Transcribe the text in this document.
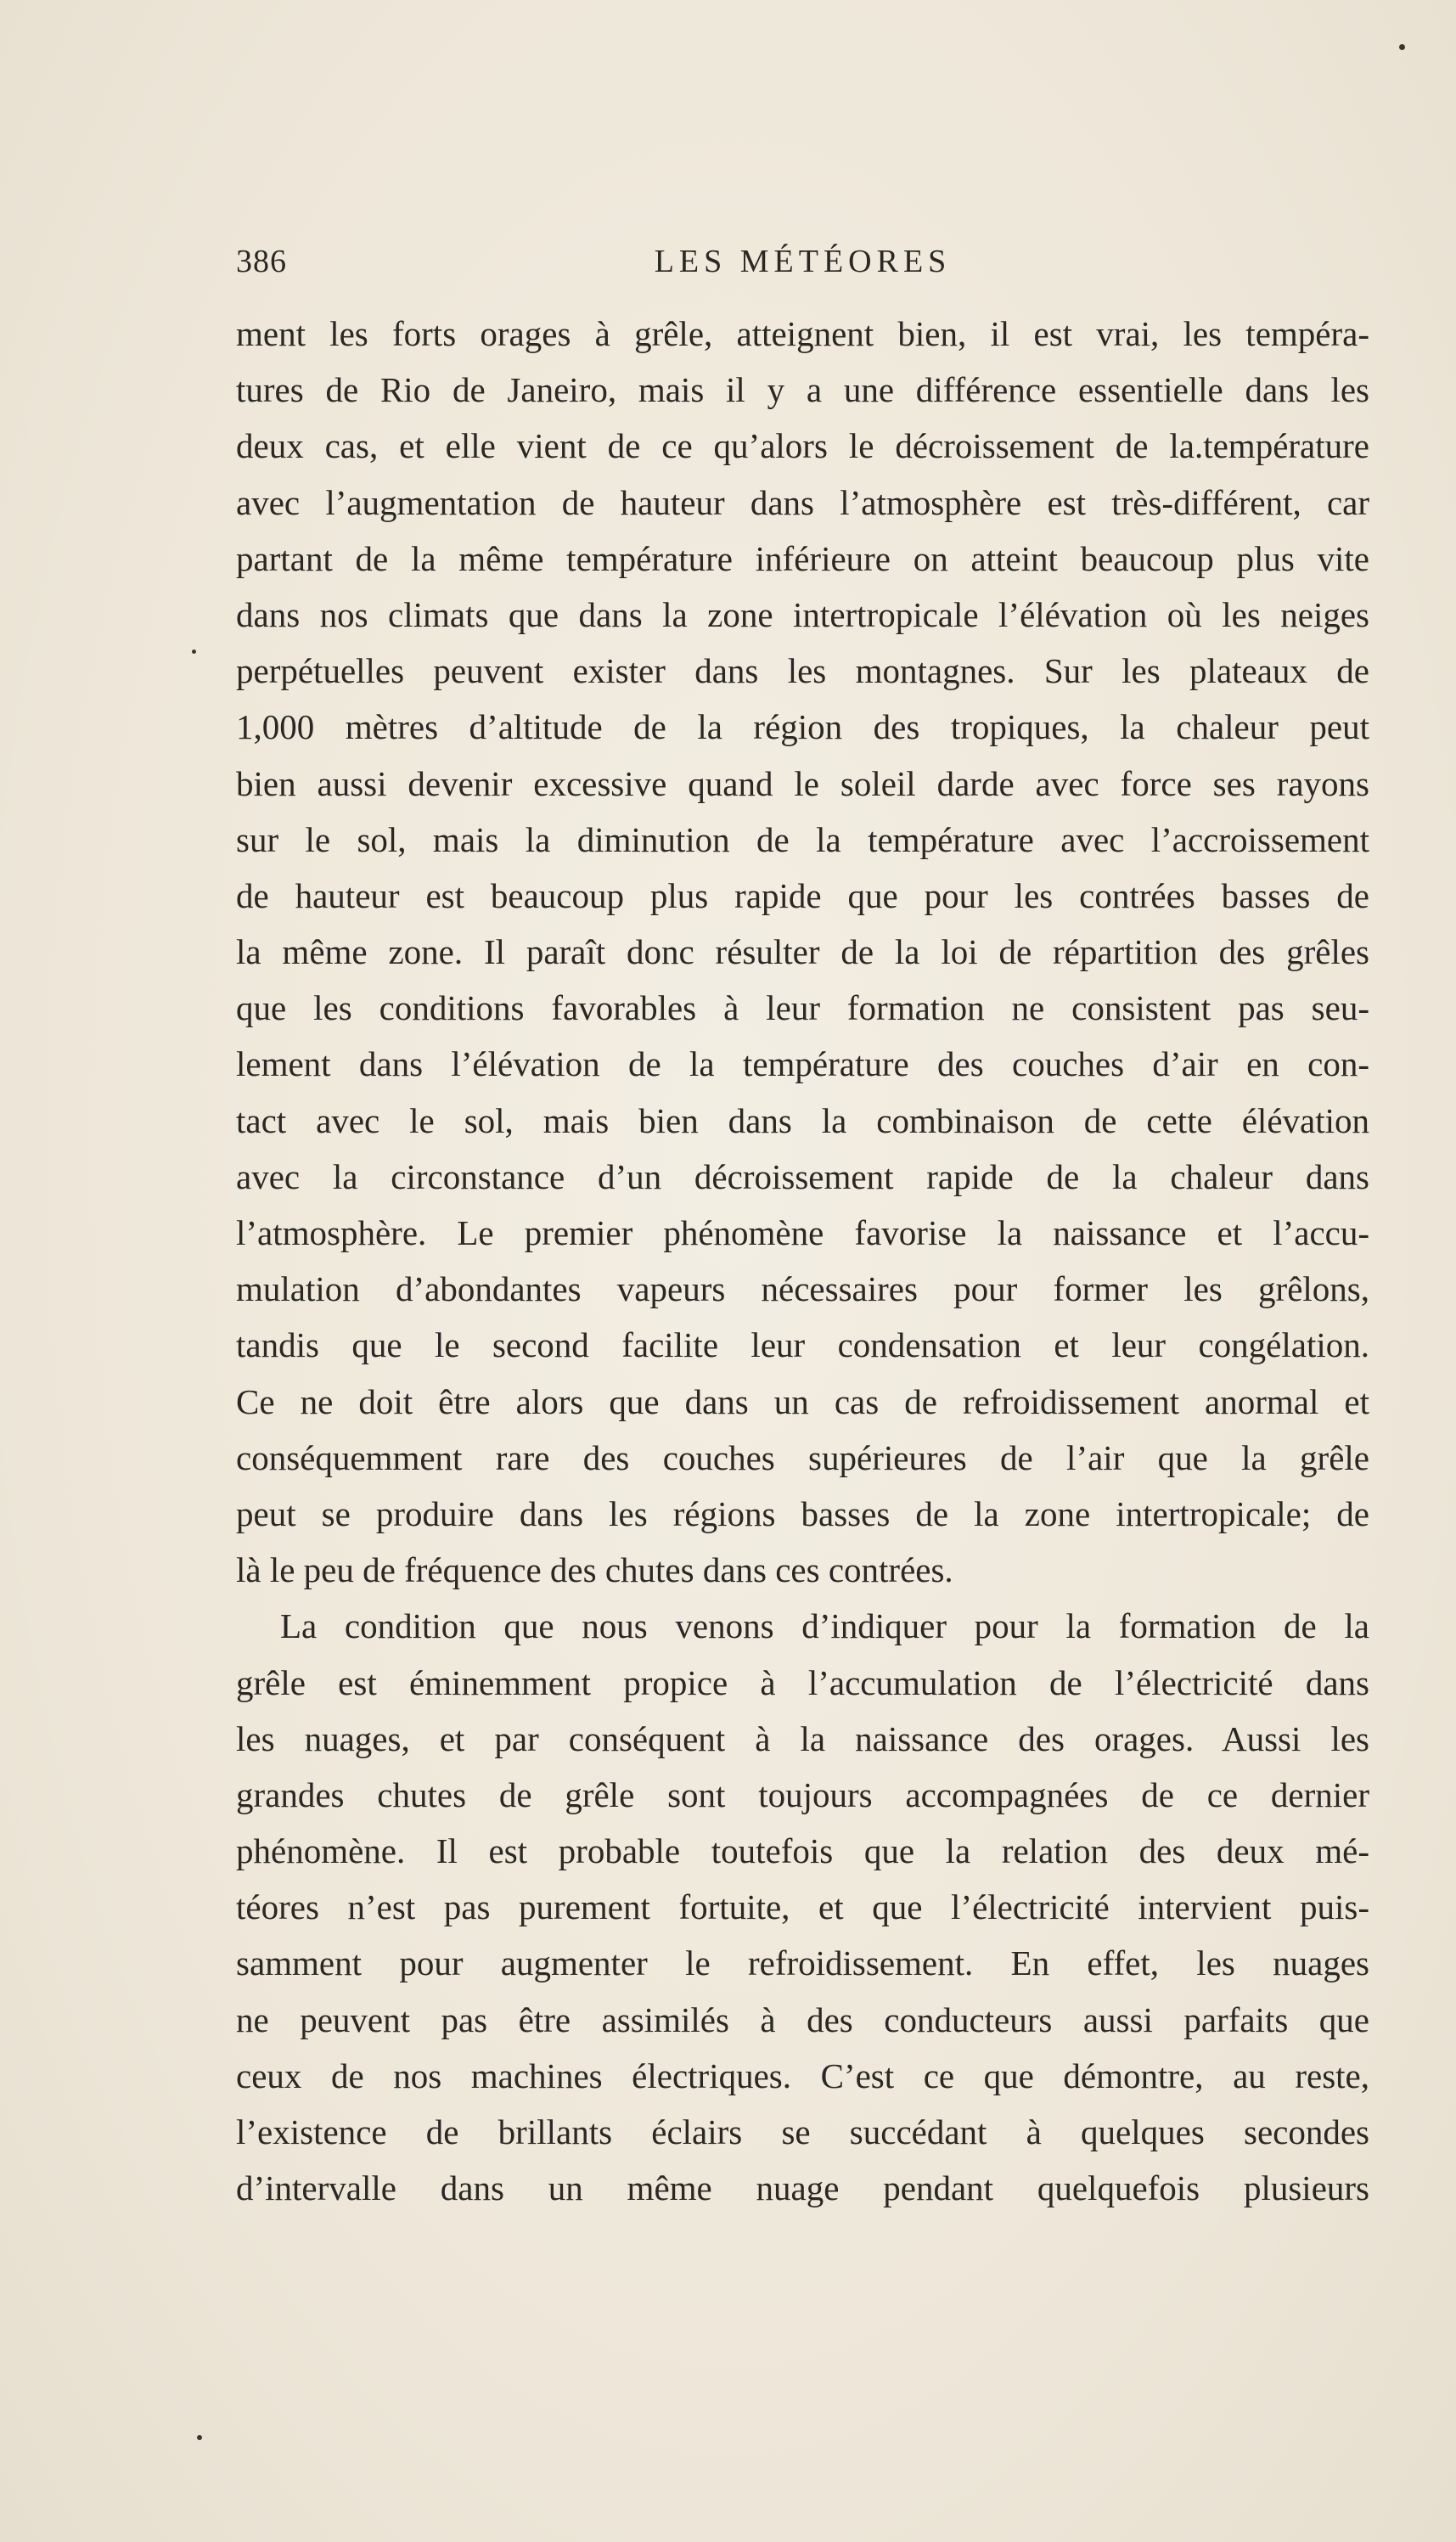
386	LES MÉTÉORES
ment les forts orages à grêle, atteignent bien, il est vrai, les tempéra-
tures de Rio de Janeiro, mais il y a une différence essentielle dans les
deux cas, et elle vient de ce qu’alors le décroissement de la.température
avec l’augmentation de hauteur dans l’atmosphère est très-différent, car
partant de la même température inférieure on atteint beaucoup plus vite
dans nos climats que dans la zone intertropicale l’élévation où les neiges
perpétuelles peuvent exister dans les montagnes. Sur les plateaux de
1,000 mètres d’altitude de la région des tropiques, la chaleur peut
bien aussi devenir excessive quand le soleil darde avec force ses rayons
sur le sol, mais la diminution de la température avec l’accroissement
de hauteur est beaucoup plus rapide que pour les contrées basses de
la même zone. Il paraît donc résulter de la loi de répartition des grêles
que les conditions favorables à leur formation ne consistent pas seu-
lement dans l’élévation de la température des couches d’air en con-
tact avec le sol, mais bien dans la combinaison de cette élévation
avec la circonstance d’un décroissement rapide de la chaleur dans
l’atmosphère. Le premier phénomène favorise la naissance et l’accu-
mulation d’abondantes vapeurs nécessaires pour former les grêlons,
tandis que le second facilite leur condensation et leur congélation.
Ce ne doit être alors que dans un cas de refroidissement anormal et
conséquemment rare des couches supérieures de l’air que la grêle
peut se produire dans les régions basses de la zone intertropicale; de
là le peu de fréquence des chutes dans ces contrées.
La condition que nous venons d’indiquer pour la formation de la
grêle est éminemment propice à l’accumulation de l’électricité dans
les nuages, et par conséquent à la naissance des orages. Aussi les
grandes chutes de grêle sont toujours accompagnées de ce dernier
phénomène. Il est probable toutefois que la relation des deux mé-
téores n’est pas purement fortuite, et que l’électricité intervient puis-
samment pour augmenter le refroidissement. En effet, les nuages
ne peuvent pas être assimilés à des conducteurs aussi parfaits que
ceux de nos machines électriques. C’est ce que démontre, au reste,
l’existence de brillants éclairs se succédant à quelques secondes
d’intervalle dans un même nuage pendant quelquefois plusieurs
